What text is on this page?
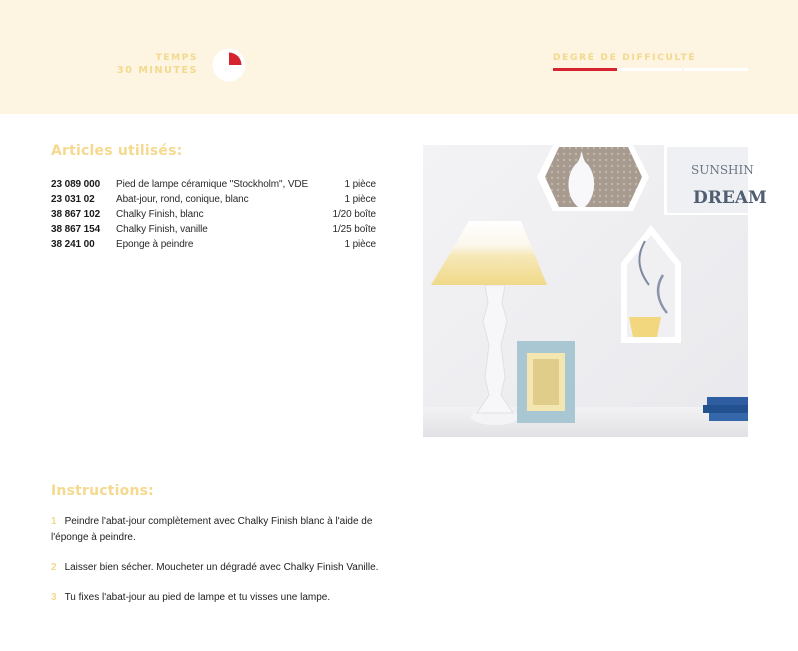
TEMPS
30 MINUTES
DEGRÉ DE DIFFICULTÉ
Articles utilisés:
23 089 000	Pied de lampe céramique "Stockholm", VDE	1 pièce
23 031 02	Abat-jour, rond, conique, blanc	1 pièce
38 867 102	Chalky Finish, blanc	1/20 boîte
38 867 154	Chalky Finish, vanille	1/25 boîte
38 241 00	Eponge à peindre	1 pièce
SUNSHIN
DREAM
Instructions:
1 Peindre l'abat-jour complètement avec Chalky Finish blanc à l'aide de l'éponge à peindre.
2 Laisser bien sécher. Moucheter un dégradé avec Chalky Finish Vanille.
3 Tu fixes l'abat-jour au pied de lampe et tu visses une lampe.
